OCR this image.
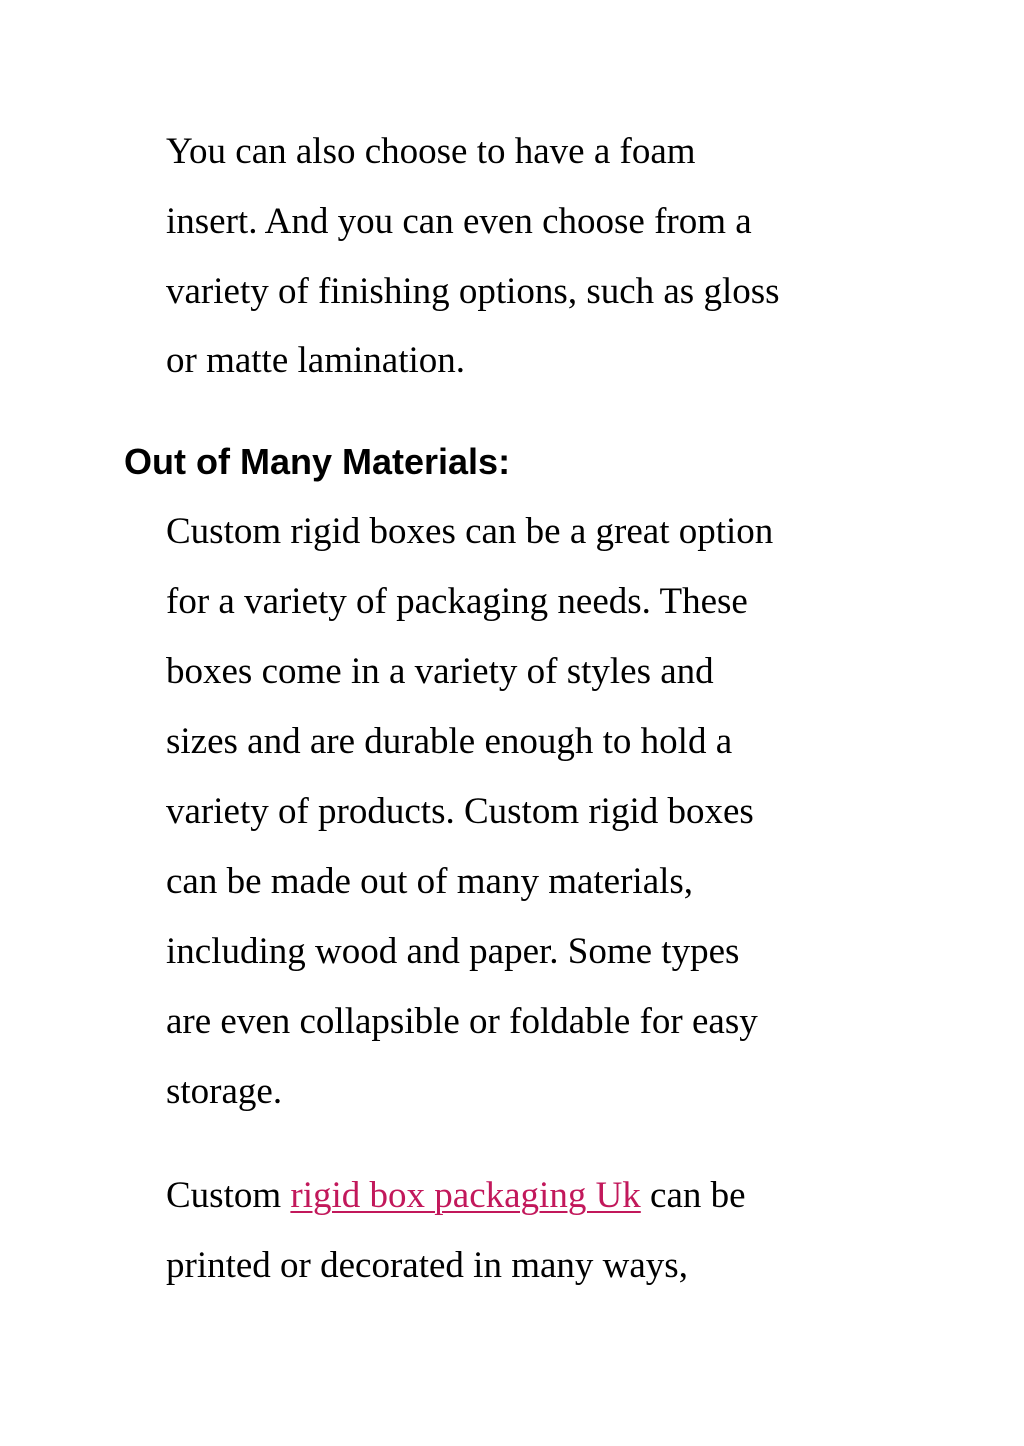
You can also choose to have a foam
insert. And you can even choose from a
variety of finishing options, such as gloss
or matte lamination.
Out of Many Materials:
Custom rigid boxes can be a great option
for a variety of packaging needs. These
boxes come in a variety of styles and
sizes and are durable enough to hold a
variety of products. Custom rigid boxes
can be made out of many materials,
including wood and paper. Some types
are even collapsible or foldable for easy
storage.
Custom rigid box packaging Uk can be
printed or decorated in many ways,
